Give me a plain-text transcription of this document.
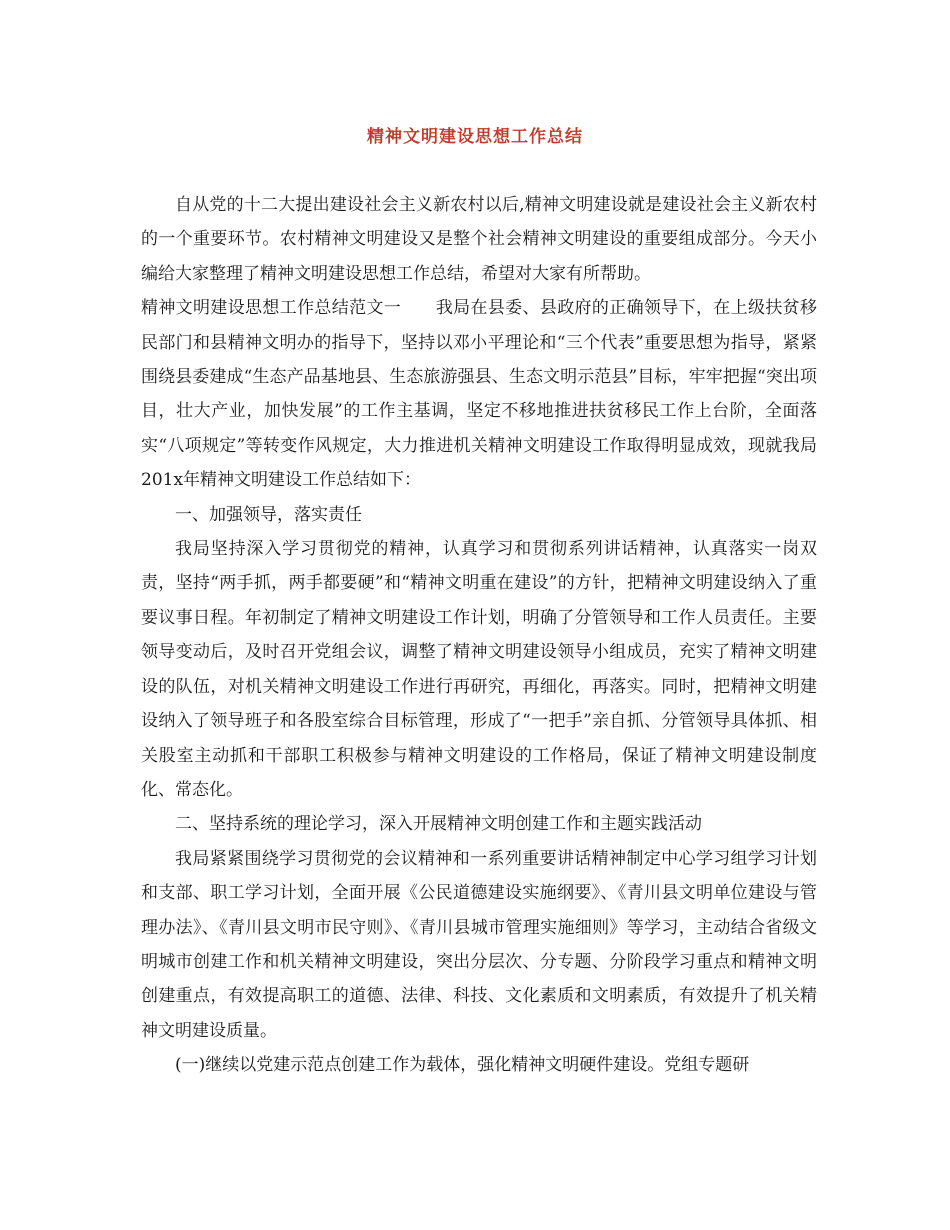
精神文明建设思想工作总结

自从党的十二大提出建设社会主义新农村以后,精神文明建设就是建设社会主义新农村的一个重要环节。农村精神文明建设又是整个社会精神文明建设的重要组成部分。今天小编给大家整理了精神文明建设思想工作总结，希望对大家有所帮助。

精神文明建设思想工作总结范文一　　我局在县委、县政府的正确领导下，在上级扶贫移民部门和县精神文明办的指导下，坚持以邓小平理论和“三个代表”重要思想为指导，紧紧围绕县委建成“生态产品基地县、生态旅游强县、生态文明示范县”目标，牢牢把握“突出项目，壮大产业，加快发展”的工作主基调，坚定不移地推进扶贫移民工作上台阶，全面落实“八项规定”等转变作风规定，大力推进机关精神文明建设工作取得明显成效，现就我局201x年精神文明建设工作总结如下：

一、加强领导，落实责任

我局坚持深入学习贯彻党的精神，认真学习和贯彻系列讲话精神，认真落实一岗双责，坚持“两手抓，两手都要硬”和“精神文明重在建设”的方针，把精神文明建设纳入了重要议事日程。年初制定了精神文明建设工作计划，明确了分管领导和工作人员责任。主要领导变动后，及时召开党组会议，调整了精神文明建设领导小组成员，充实了精神文明建设的队伍，对机关精神文明建设工作进行再研究，再细化，再落实。同时，把精神文明建设纳入了领导班子和各股室综合目标管理，形成了“一把手”亲自抓、分管领导具体抓、相关股室主动抓和干部职工积极参与精神文明建设的工作格局，保证了精神文明建设制度化、常态化。

二、坚持系统的理论学习，深入开展精神文明创建工作和主题实践活动

我局紧紧围绕学习贯彻党的会议精神和一系列重要讲话精神制定中心学习组学习计划和支部、职工学习计划，全面开展《公民道德建设实施纲要》、《青川县文明单位建设与管理办法》、《青川县文明市民守则》、《青川县城市管理实施细则》等学习，主动结合省级文明城市创建工作和机关精神文明建设，突出分层次、分专题、分阶段学习重点和精神文明创建重点，有效提高职工的道德、法律、科技、文化素质和文明素质，有效提升了机关精神文明建设质量。

(一)继续以党建示范点创建工作为载体，强化精神文明硬件建设。党组专题研
